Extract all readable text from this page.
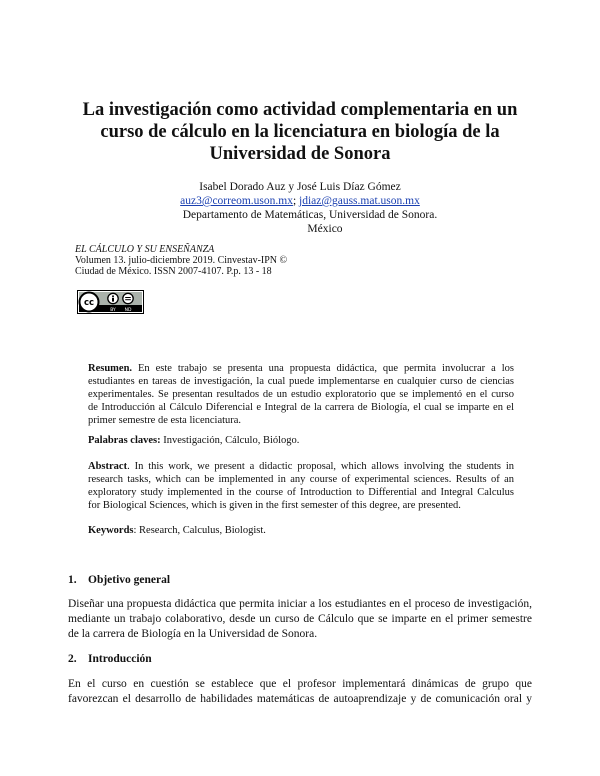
La investigación como actividad complementaria en un
curso de cálculo en la licenciatura en biología de la
Universidad de Sonora
Isabel Dorado Auz y José Luis Díaz Gómez
auz3@correom.uson.mx; jdiaz@gauss.mat.uson.mx
Departamento de Matemáticas, Universidad de Sonora.
México
EL CÁLCULO Y SU ENSEÑANZA
Volumen 13. julio-diciembre 2019. Cinvestav-IPN ©
Ciudad de México. ISSN 2007-4107. P.p. 13 - 18
cc
BY ND
Resumen. En este trabajo se presenta una propuesta didáctica, que permita involucrar a los
estudiantes en tareas de investigación, la cual puede implementarse en cualquier curso de ciencias
experimentales. Se presentan resultados de un estudio exploratorio que se implementó en el curso
de Introducción al Cálculo Diferencial e Integral de la carrera de Biología, el cual se imparte en el
primer semestre de esta licenciatura.
Palabras claves: Investigación, Cálculo, Biólogo.
Abstract. In this work, we present a didactic proposal, which allows involving the students in
research tasks, which can be implemented in any course of experimental sciences. Results of an
exploratory study implemented in the course of Introduction to Differential and Integral Calculus
for Biological Sciences, which is given in the first semester of this degree, are presented.
Keywords: Research, Calculus, Biologist.
1. Objetivo general
Diseñar una propuesta didáctica que permita iniciar a los estudiantes en el proceso de investigación,
mediante un trabajo colaborativo, desde un curso de Cálculo que se imparte en el primer semestre
de la carrera de Biología en la Universidad de Sonora.
2. Introducción
En el curso en cuestión se establece que el profesor implementará dinámicas de grupo que
favorezcan el desarrollo de habilidades matemáticas de autoaprendizaje y de comunicación oral y
